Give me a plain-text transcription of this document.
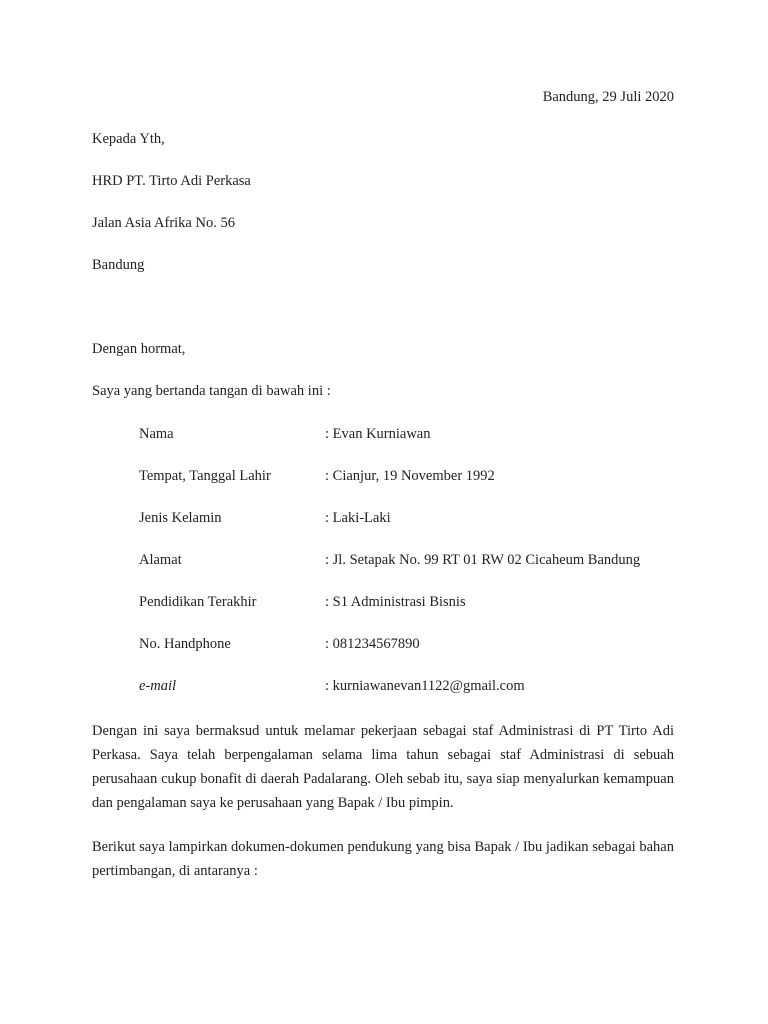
Bandung, 29 Juli 2020
Kepada Yth,
HRD PT. Tirto Adi Perkasa
Jalan Asia Afrika No. 56
Bandung
Dengan hormat,
Saya yang bertanda tangan di bawah ini :
Nama	: Evan Kurniawan
Tempat, Tanggal Lahir	: Cianjur, 19 November 1992
Jenis Kelamin	: Laki-Laki
Alamat	: Jl. Setapak No. 99 RT 01 RW 02 Cicaheum Bandung
Pendidikan Terakhir	: S1 Administrasi Bisnis
No. Handphone	: 081234567890
e-mail	: kurniawanevan1122@gmail.com
Dengan ini saya bermaksud untuk melamar pekerjaan sebagai staf Administrasi di PT Tirto Adi Perkasa. Saya telah berpengalaman selama lima tahun sebagai staf Administrasi di sebuah perusahaan cukup bonafit di daerah Padalarang. Oleh sebab itu, saya siap menyalurkan kemampuan dan pengalaman saya ke perusahaan yang Bapak / Ibu pimpin.
Berikut saya lampirkan dokumen-dokumen pendukung yang bisa Bapak / Ibu jadikan sebagai bahan pertimbangan, di antaranya :
